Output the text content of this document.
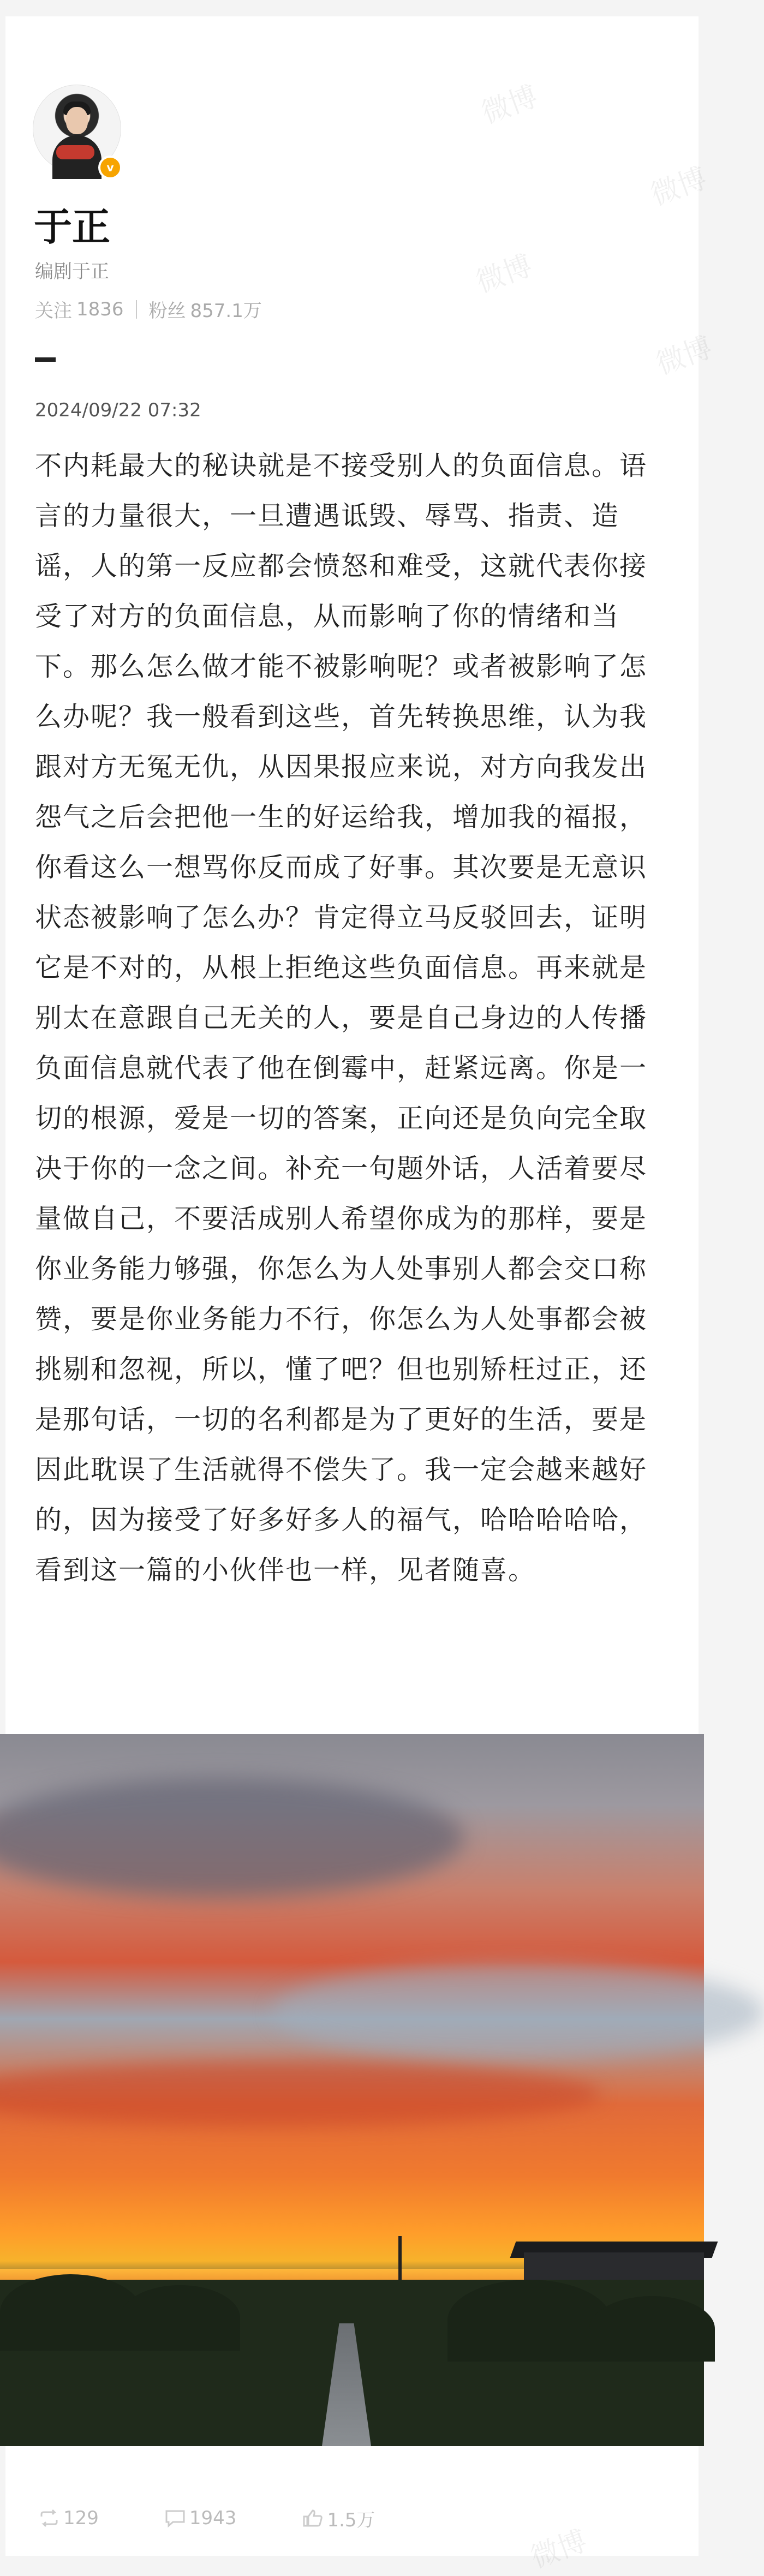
微博
微博
微博
微博
微博
v
于正
编剧于正
关注 1836 粉丝 857.1万
2024/09/22 07:32
不内耗最大的秘诀就是不接受别人的负面信息。语言的力量很大，一旦遭遇诋毁、辱骂、指责、造谣，人的第一反应都会愤怒和难受，这就代表你接受了对方的负面信息，从而影响了你的情绪和当下。那么怎么做才能不被影响呢？或者被影响了怎么办呢？我一般看到这些，首先转换思维，认为我跟对方无冤无仇，从因果报应来说，对方向我发出怨气之后会把他一生的好运给我，增加我的福报，你看这么一想骂你反而成了好事。其次要是无意识状态被影响了怎么办？肯定得立马反驳回去，证明它是不对的，从根上拒绝这些负面信息。再来就是别太在意跟自己无关的人，要是自己身边的人传播负面信息就代表了他在倒霉中，赶紧远离。你是一切的根源，爱是一切的答案，正向还是负向完全取决于你的一念之间。补充一句题外话，人活着要尽量做自己，不要活成别人希望你成为的那样，要是你业务能力够强，你怎么为人处事别人都会交口称赞，要是你业务能力不行，你怎么为人处事都会被挑剔和忽视，所以，懂了吧？但也别矫枉过正，还是那句话，一切的名利都是为了更好的生活，要是因此耽误了生活就得不偿失了。我一定会越来越好的，因为接受了好多好多人的福气，哈哈哈哈哈，看到这一篇的小伙伴也一样，见者随喜。
129	1943	1.5万
